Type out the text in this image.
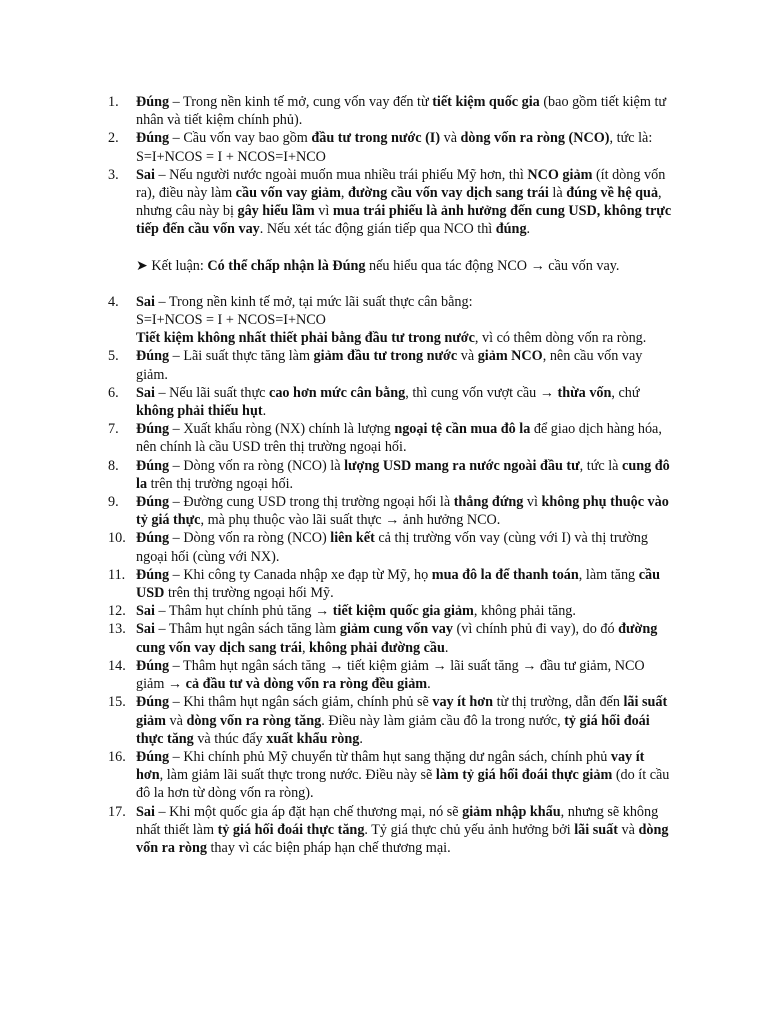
1.	Đúng – Trong nền kinh tế mở, cung vốn vay đến từ tiết kiệm quốc gia (bao gồm tiết kiệm tư nhân và tiết kiệm chính phủ).
2.	Đúng – Cầu vốn vay bao gồm đầu tư trong nước (I) và dòng vốn ra ròng (NCO), tức là:
S=I+NCOS = I + NCOS=I+NCO
3.	Sai – Nếu người nước ngoài muốn mua nhiều trái phiếu Mỹ hơn, thì NCO giảm (ít dòng vốn ra), điều này làm cầu vốn vay giảm, đường cầu vốn vay dịch sang trái là đúng về hệ quả, nhưng câu này bị gây hiểu lầm vì mua trái phiếu là ảnh hưởng đến cung USD, không trực tiếp đến cầu vốn vay. Nếu xét tác động gián tiếp qua NCO thì đúng.
➤ Kết luận: Có thể chấp nhận là Đúng nếu hiểu qua tác động NCO → cầu vốn vay.
4.	Sai – Trong nền kinh tế mở, tại mức lãi suất thực cân bằng:
S=I+NCOS = I + NCOS=I+NCO
Tiết kiệm không nhất thiết phải bằng đầu tư trong nước, vì có thêm dòng vốn ra ròng.
5.	Đúng – Lãi suất thực tăng làm giảm đầu tư trong nước và giảm NCO, nên cầu vốn vay giảm.
6.	Sai – Nếu lãi suất thực cao hơn mức cân bằng, thì cung vốn vượt cầu → thừa vốn, chứ không phải thiếu hụt.
7.	Đúng – Xuất khẩu ròng (NX) chính là lượng ngoại tệ cần mua đô la để giao dịch hàng hóa, nên chính là cầu USD trên thị trường ngoại hối.
8.	Đúng – Dòng vốn ra ròng (NCO) là lượng USD mang ra nước ngoài đầu tư, tức là cung đô la trên thị trường ngoại hối.
9.	Đúng – Đường cung USD trong thị trường ngoại hối là thẳng đứng vì không phụ thuộc vào tỷ giá thực, mà phụ thuộc vào lãi suất thực → ảnh hưởng NCO.
10. Đúng – Dòng vốn ra ròng (NCO) liên kết cả thị trường vốn vay (cùng với I) và thị trường ngoại hối (cùng với NX).
11. Đúng – Khi công ty Canada nhập xe đạp từ Mỹ, họ mua đô la để thanh toán, làm tăng cầu USD trên thị trường ngoại hối Mỹ.
12. Sai – Thâm hụt chính phủ tăng → tiết kiệm quốc gia giảm, không phải tăng.
13. Sai – Thâm hụt ngân sách tăng làm giảm cung vốn vay (vì chính phủ đi vay), do đó đường cung vốn vay dịch sang trái, không phải đường cầu.
14. Đúng – Thâm hụt ngân sách tăng → tiết kiệm giảm → lãi suất tăng → đầu tư giảm, NCO giảm → cả đầu tư và dòng vốn ra ròng đều giảm.
15. Đúng – Khi thâm hụt ngân sách giảm, chính phủ sẽ vay ít hơn từ thị trường, dẫn đến lãi suất giảm và dòng vốn ra ròng tăng. Điều này làm giảm cầu đô la trong nước, tỷ giá hối đoái thực tăng và thúc đẩy xuất khẩu ròng.
16. Đúng – Khi chính phủ Mỹ chuyển từ thâm hụt sang thặng dư ngân sách, chính phủ vay ít hơn, làm giảm lãi suất thực trong nước. Điều này sẽ làm tỷ giá hối đoái thực giảm (do ít cầu đô la hơn từ dòng vốn ra ròng).
17. Sai – Khi một quốc gia áp đặt hạn chế thương mại, nó sẽ giảm nhập khẩu, nhưng sẽ không nhất thiết làm tỷ giá hối đoái thực tăng. Tỷ giá thực chủ yếu ảnh hưởng bởi lãi suất và dòng vốn ra ròng thay vì các biện pháp hạn chế thương mại.
